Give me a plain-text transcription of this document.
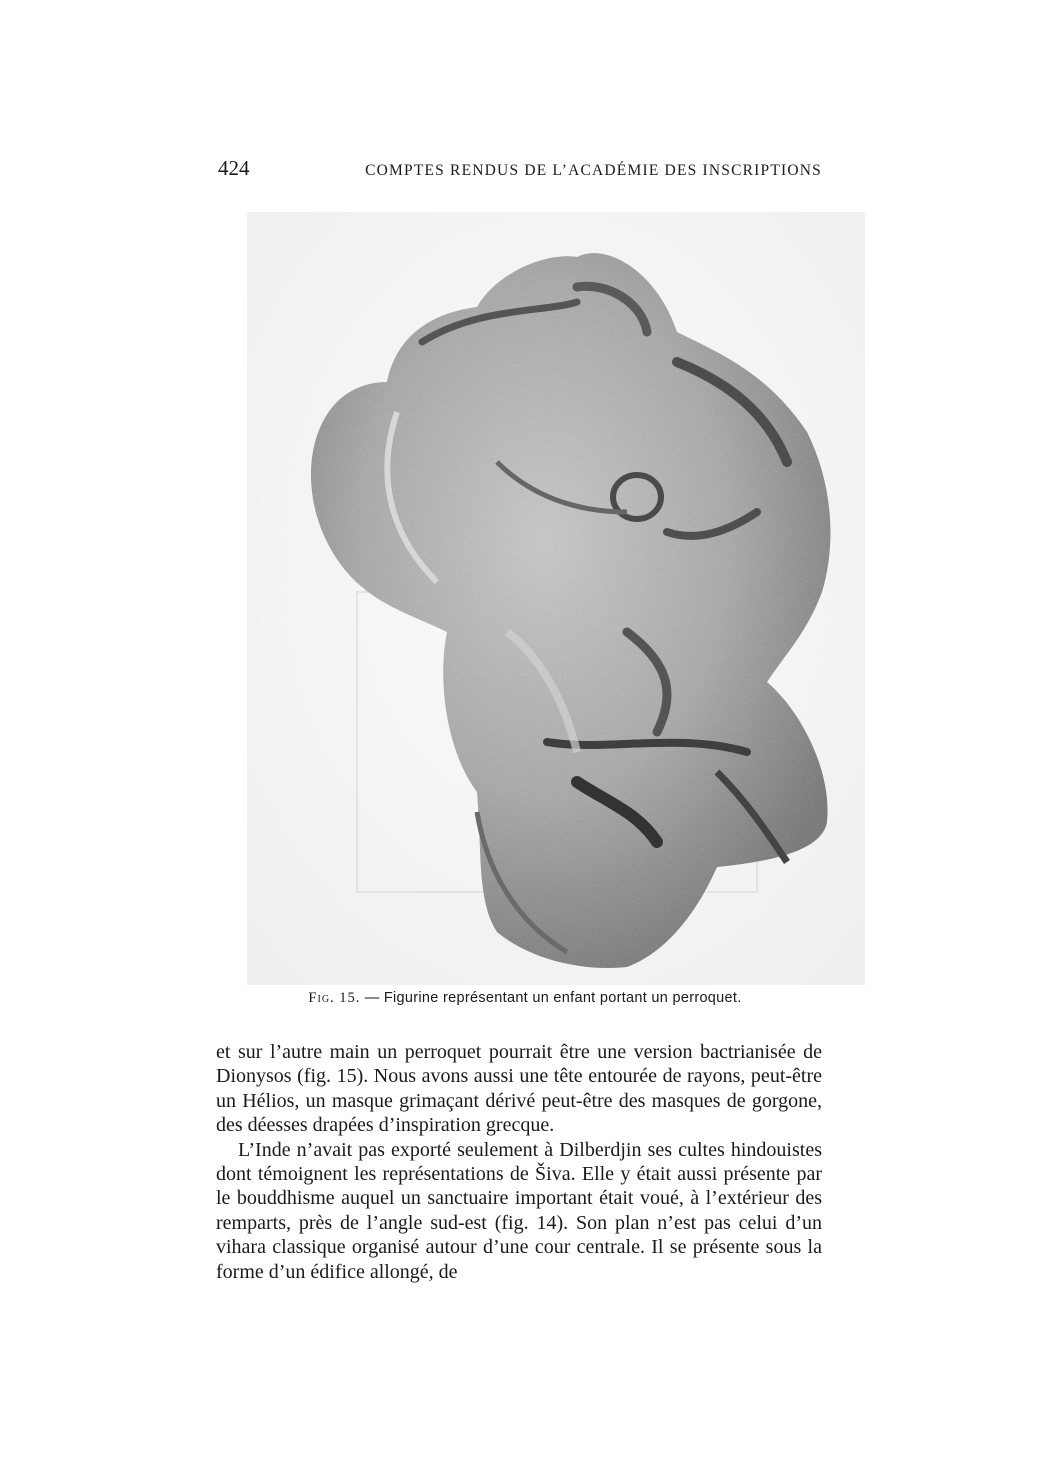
424	COMPTES RENDUS DE L’ACADÉMIE DES INSCRIPTIONS
Fig. 15. — Figurine représentant un enfant portant un perroquet.

et sur l’autre main un perroquet pourrait être une version bactrianisée de Dionysos (fig. 15). Nous avons aussi une tête entourée de rayons, peut-être un Hélios, un masque grimaçant dérivé peut-être des masques de gorgone, des déesses drapées d’inspiration grecque.

L’Inde n’avait pas exporté seulement à Dilberdjin ses cultes hindouistes dont témoignent les représentations de Šiva. Elle y était aussi présente par le bouddhisme auquel un sanctuaire important était voué, à l’extérieur des remparts, près de l’angle sud-est (fig. 14). Son plan n’est pas celui d’un vihara classique organisé autour d’une cour centrale. Il se présente sous la forme d’un édifice allongé, de
